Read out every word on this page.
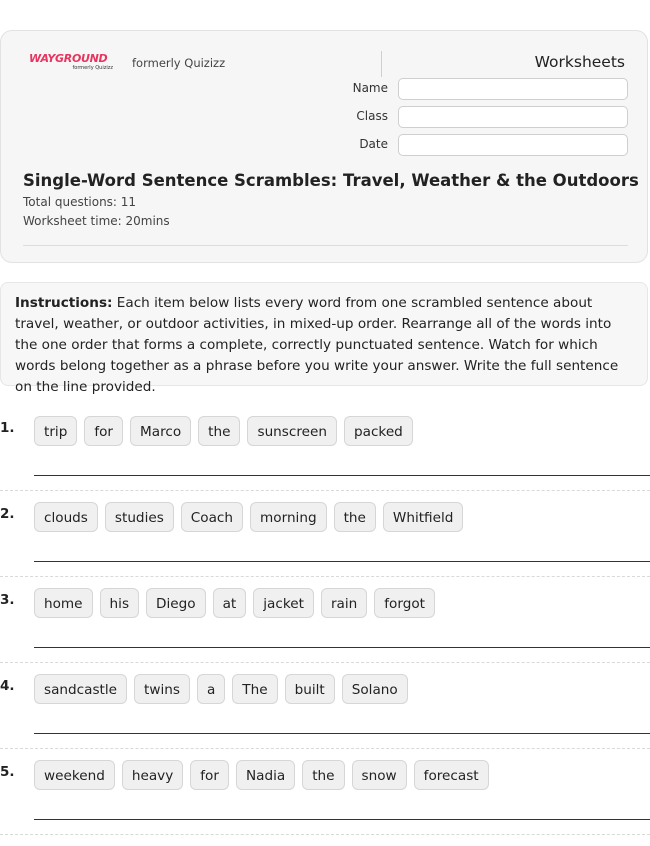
WAYGROUND
formerly Quizizz formerly Quizizz	Worksheets
Name
Class
Date
Single-Word Sentence Scrambles: Travel, Weather & the Outdoors
Total questions: 11
Worksheet time: 20mins
Instructions: Each item below lists every word from one scrambled sentence about travel, weather, or outdoor activities, in mixed-up order. Rearrange all of the words into the one order that forms a complete, correctly punctuated sentence. Watch for which words belong together as a phrase before you write your answer. Write the full sentence on the line provided.
1.	trip	for	Marco	the	sunscreen	packed
2.	clouds	studies	Coach	morning	the	Whitfield
3.	home	his	Diego	at	jacket	rain	forgot
4.	sandcastle	twins	a	The	built	Solano
5.	weekend	heavy	for	Nadia	the	snow	forecast
